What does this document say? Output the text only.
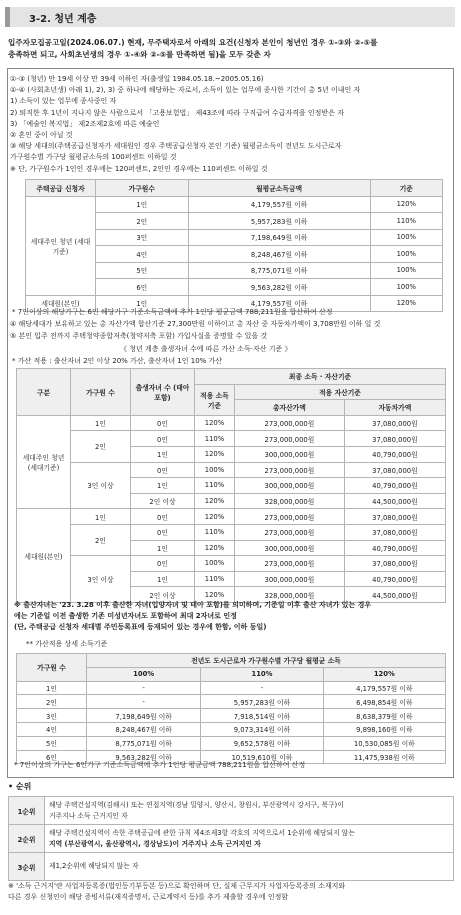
3-2. 청년 계층
입주자모집공고일(2024.06.07.) 현재, 무주택자로서 아래의 요건(신청자 본인이 청년인 경우 ①-③와 ②-⑤를
충족하면 되고, 사회초년생의 경우 ①-④와 ②-⑤를 만족하면 됨)을 모두 갖춘 자
①-③ (청년) 만 19세 이상 만 39세 이하인 자(출생일 1984.05.18.~2005.05.16)
①-④ (사회초년생) 아래 1), 2), 3) 중 하나에 해당하는 자로서, 소득이 있는 업무에 종사한 기간이 총 5년 이내인 자
1) 소득이 있는 업무에 종사중인 자
2) 퇴직한 후 1년이 지나지 않은 사람으로서 「고용보험법」 제43조에 따라 구직급여 수급자격을 인정받은 자
3) 「예술인 복지법」 제2조제2호에 따른 예술인
② 혼인 중이 아닐 것
③ 해당 세대의(주택공급신청자가 세대원인 경우 주택공급신청자 본인 기준) 월평균소득이 전년도 도시근로자
가구원수별 가구당 월평균소득의 100퍼센트 이하일 것
※ 단, 가구원수가 1인인 경우에는 120퍼센트, 2인인 경우에는 110퍼센트 이하일 것
주택공급 신청자	가구원수	월평균소득금액	기준
세대주인 청년 (세대기준)	1인	4,179,557원 이하	120%
	2인	5,957,283원 이하	110%
	3인	7,198,649원 이하	100%
	4인	8,248,467원 이하	100%
	5인	8,775,071원 이하	100%
	6인	9,563,282원 이하	100%
세대원(본인)	1인	4,179,557원 이하	120%
* 7인이상의 해당가구는 6인 해당가구 기준소득금액에 추가 1인당 평균금액 788,211원을 합산하여 산정
④ 해당세대가 보유하고 있는 총 자산가액 합산기준 27,300만원 이하이고 총 자산 중 자동차가액이 3,708만원 이하 일 것
⑤ 본인 입주 전까지 주택청약종합저축(청약저축 포함) 가입사실을 증명할 수 있을 것
《 청년 계층 출생자녀 수에 따른 가산 소득·자산 기준 》
* 가산 적용 : 출산자녀 2인 이상 20% 가산, 출산자녀 1인 10% 가산
구분	가구원 수	출생자녀 수 (태아포함)	최종 소득 · 자산기준		
			적용 소득기준	적용 자산기준	
				총자산가액	자동차가액
세대주인 청년 (세대기준)	1인	0인	120%	273,000,000원	37,080,000원
	2인	0인	110%	273,000,000원	37,080,000원
		1인	120%	300,000,000원	40,790,000원
	3인 이상	0인	100%	273,000,000원	37,080,000원
		1인	110%	300,000,000원	40,790,000원
		2인 이상	120%	328,000,000원	44,500,000원
세대원(본인)	1인	0인	120%	273,000,000원	37,080,000원
	2인	0인	110%	273,000,000원	37,080,000원
		1인	120%	300,000,000원	40,790,000원
	3인 이상	0인	100%	273,000,000원	37,080,000원
		1인	110%	300,000,000원	40,790,000원
		2인 이상	120%	328,000,000원	44,500,000원
※ 출산자녀는 '23. 3.28 이후 출산한 자녀(입양자녀 및 태아 포함)를 의미하며, 기준일 이후 출산 자녀가 있는 경우
에는 기준일 이전 출생한 기존 미성년자녀도 포함하여 최대 2자녀로 인정
(단, 주택공급 신청자 세대별 주민등록표에 등재되어 있는 경우에 한함, 이하 동일)
** 가산적용 상세 소득기준
가구원 수	전년도 도시근로자 가구원수별 가구당 월평균 소득		
	100%	110%	120%
1인	-	-	4,179,557원 이하
2인	-	5,957,283원 이하	6,498,854원 이하
3인	7,198,649원 이하	7,918,514원 이하	8,638,379원 이하
4인	8,248,467원 이하	9,073,314원 이하	9,898,160원 이하
5인	8,775,071원 이하	9,652,578원 이하	10,530,085원 이하
6인	9,563,282원 이하	10,519,610원 이하	11,475,938원 이하
* 7인이상의 가구는 6인가구 기준소득금액에 추가 1인당 평균금액 788,211원을 합산하여 산정
• 순위
1순위	해당 주택건설지역(김해시) 또는 연접지역(경남 밀양시, 양산시, 창원시, 부산광역시 강서구, 북구)이
거주지나 소득 근거지인 자

2순위	해당 주택건설지역이 속한 주택공급에 관한 규칙 제4조제3항 각호의 지역으로서 1순위에 해당되지 않는
지역 (부산광역시, 울산광역시, 경상남도)이 거주지나 소득 근거지인 자

3순위	제1,2순위에 해당되지 않는 자
※ '소득 근거지'란 사업자등록증(법인등기부등본 등)으로 확인하며 단, 실제 근무지가 사업자등록증의 소재지와
다른 경우 신청인이 해당 증빙서류(재직증명서, 근로계약서 등)를 추가 제출할 경우에 인정함
